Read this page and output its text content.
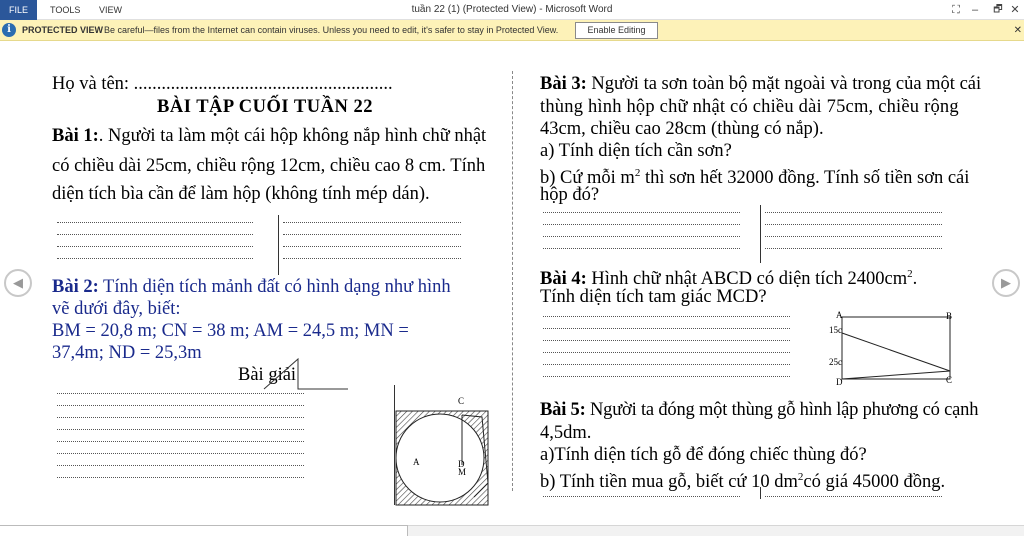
FILE	TOOLS VIEW	tuần 22 (1) (Protected View) - Microsoft Word	⛶	–	🗗 ✕
i	PROTECTED VIEW Be careful—files from the Internet can contain viruses. Unless you need to edit, it's safer to stay in Protected View.	Enable Editing	✕
Họ và tên: ........................................................
BÀI TẬP CUỐI TUẦN 22
Bài 1:. Người ta làm một cái hộp không nắp hình chữ nhật
có chiều dài 25cm, chiều rộng 12cm, chiều cao 8 cm. Tính
diện tích bìa cần để làm hộp (không tính mép dán).
Bài 2: Tính diện tích mảnh đất có hình dạng như hình
vẽ dưới đây, biết:
BM = 20,8 m; CN = 38 m; AM = 24,5 m; MN =
37,4m; ND = 25,3m
Bài giải
C
A	D
M
Bài 3: Người ta sơn toàn bộ mặt ngoài và trong của một cái
thùng hình hộp chữ nhật có chiều dài 75cm, chiều rộng
43cm, chiều cao 28cm (thùng có nắp).
a) Tính diện tích cần sơn?
b) Cứ mỗi $m^2$ thì sơn hết 32000 đồng. Tính số tiền sơn cái
hộp đó?
Bài 4: Hình chữ nhật ABCD có diện tích $2400cm^2$.
Tính diện tích tam giác MCD?
A	B
15c
25c
D	C
Bài 5: Người ta đóng một thùng gỗ hình lập phương có cạnh
4,5dm.
a)Tính diện tích gỗ để đóng chiếc thùng đó?
b) Tính tiền mua gỗ, biết cứ 10 $dm^2có$ giá 45000 đồng.
◀	▶
